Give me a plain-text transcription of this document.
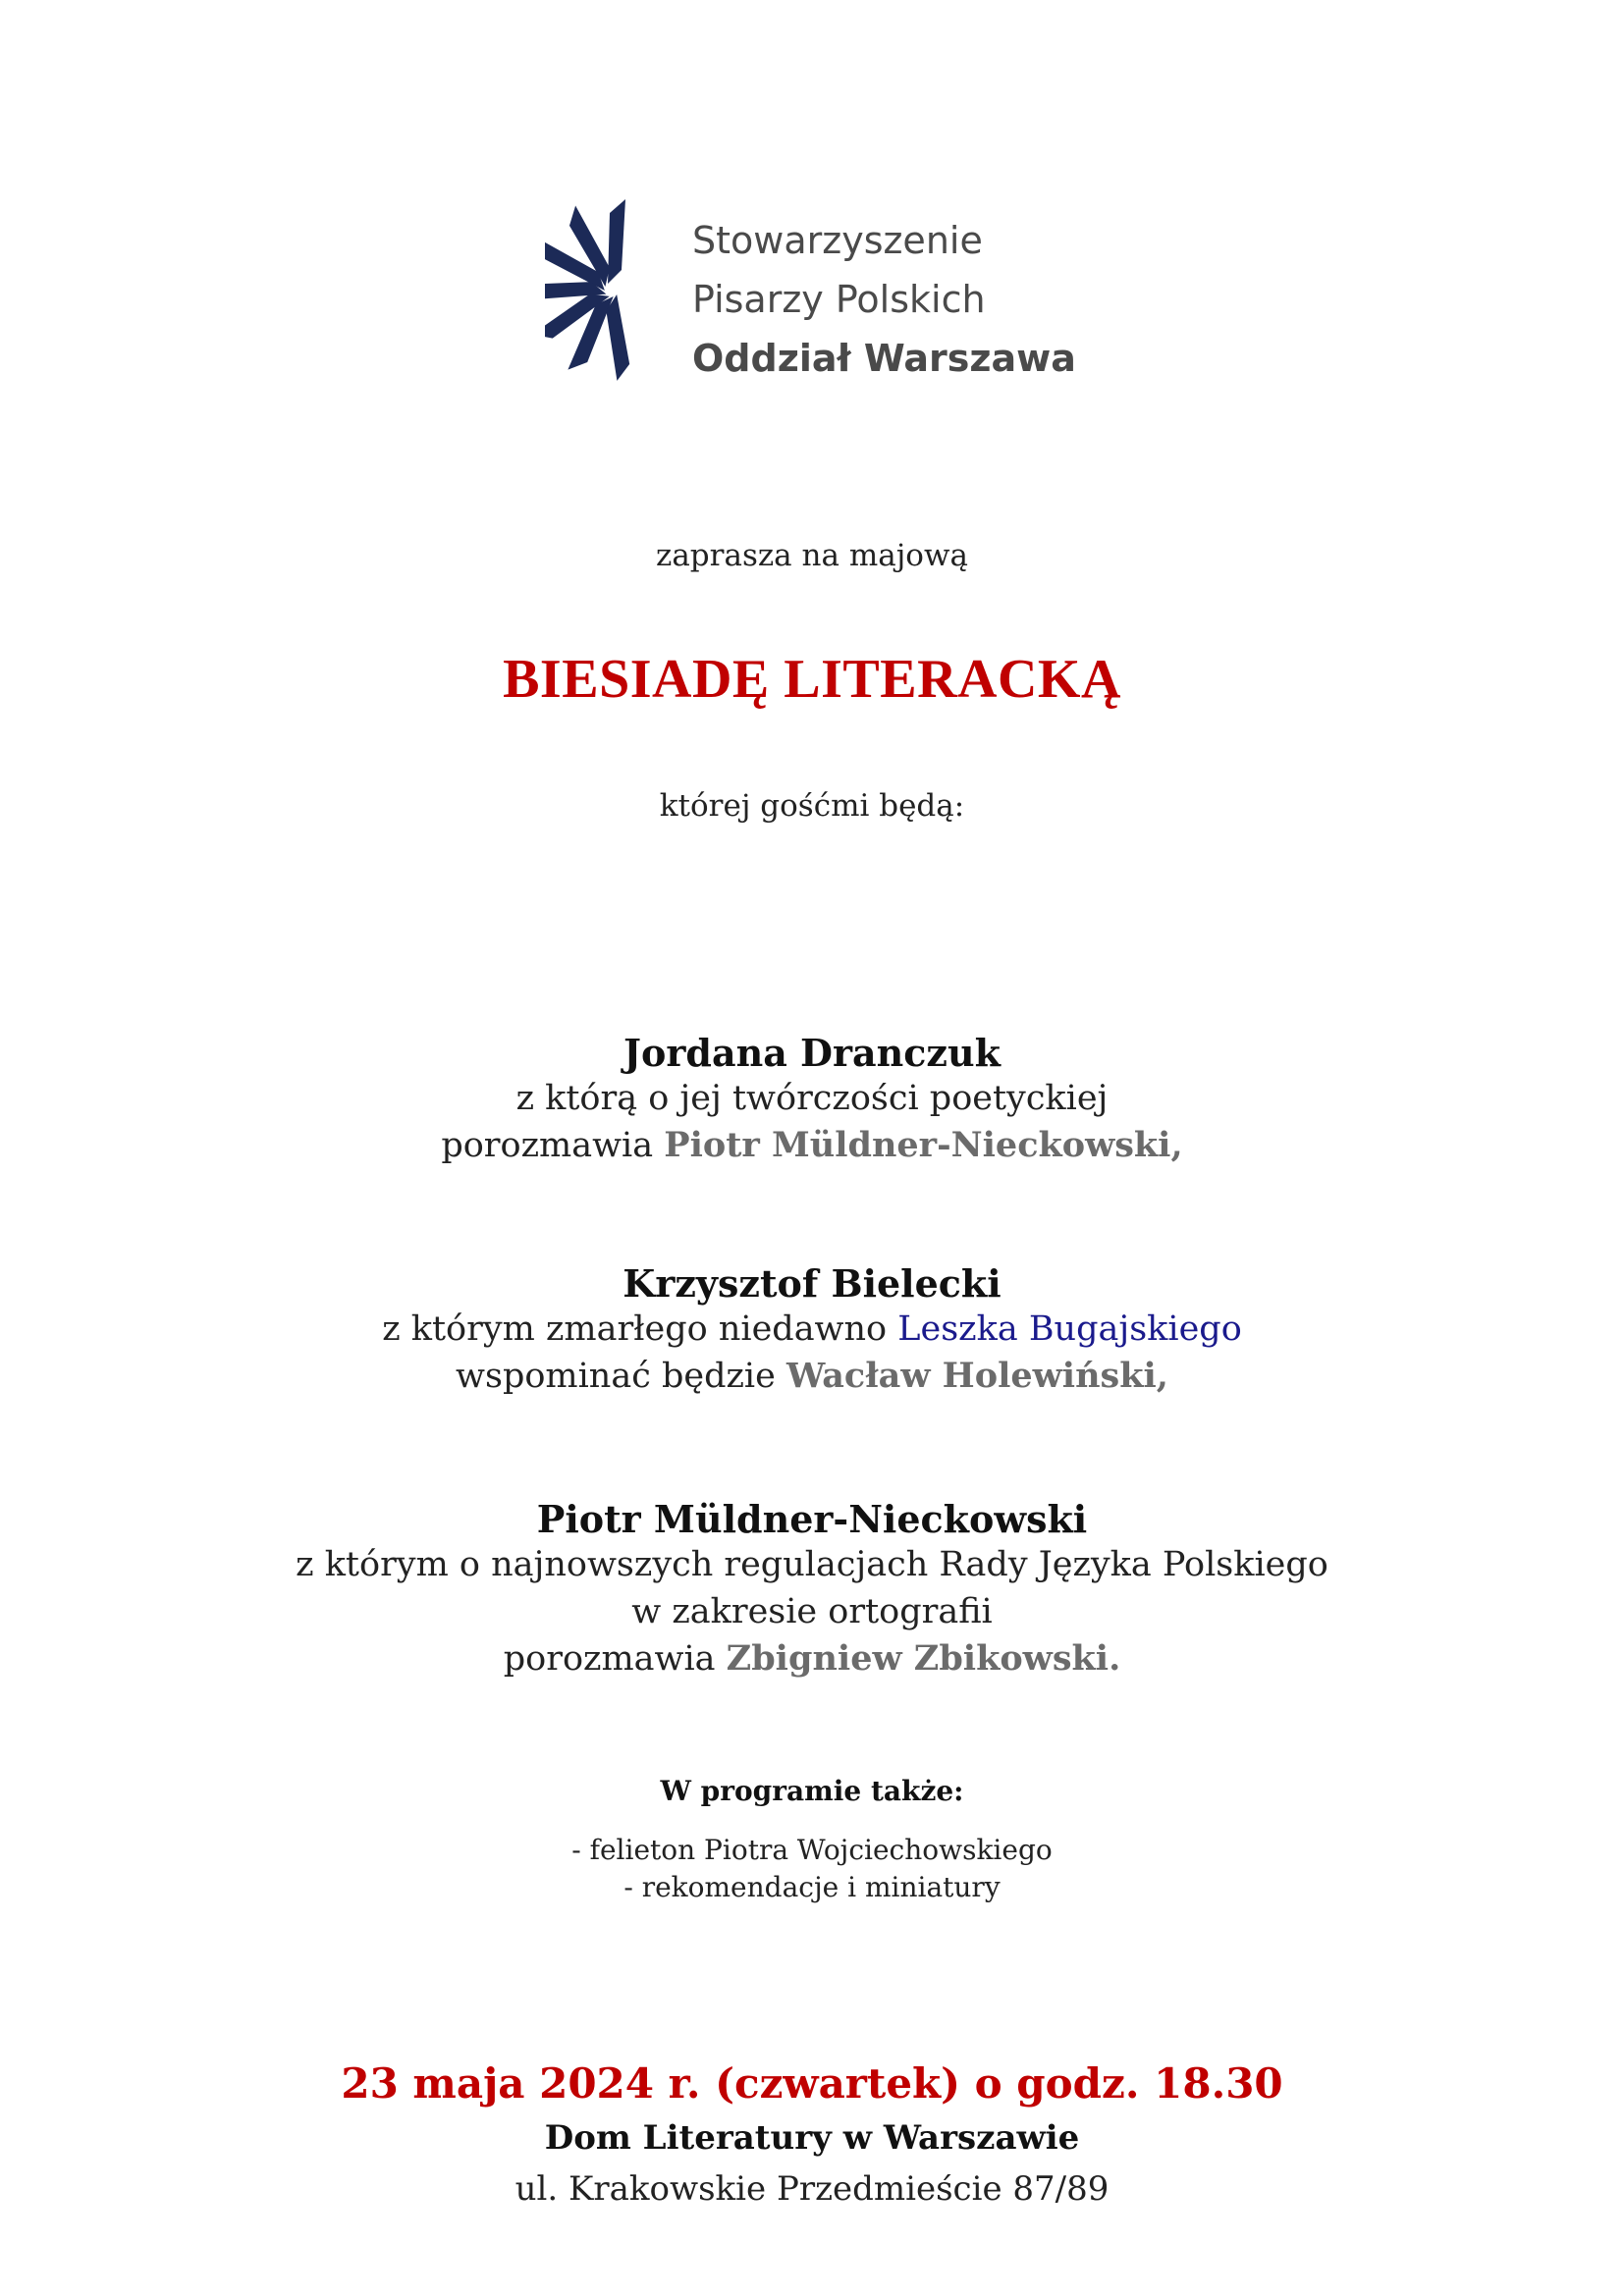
Stowarzyszenie
Pisarzy Polskich
Oddział Warszawa
zaprasza na majową
BIESIADĘ LITERACKĄ
której gośćmi będą:
Jordana Dranczuk
z którą o jej twórczości poetyckiej
porozmawia Piotr Müldner-Nieckowski,
Krzysztof Bielecki
z którym zmarłego niedawno Leszka Bugajskiego
wspominać będzie Wacław Holewiński,
Piotr Müldner-Nieckowski
z którym o najnowszych regulacjach Rady Języka Polskiego
w zakresie ortografii
porozmawia Zbigniew Zbikowski.
W programie także:
- felieton Piotra Wojciechowskiego
- rekomendacje i miniatury
23 maja 2024 r. (czwartek) o godz. 18.30
Dom Literatury w Warszawie
ul. Krakowskie Przedmieście 87/89
